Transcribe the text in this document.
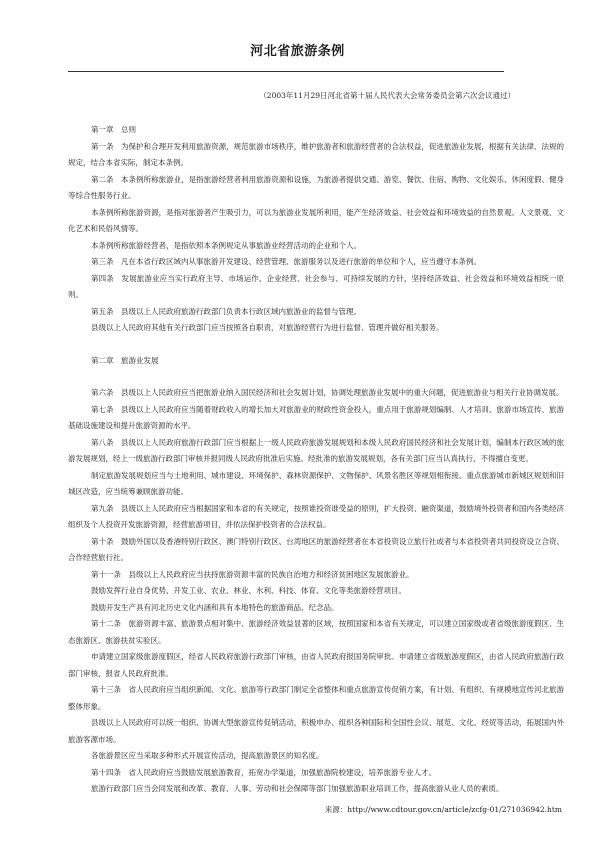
河北省旅游条例
（2003年11月29日河北省第十届人民代表大会常务委员会第六次会议通过）

第一章　总则

第一条　为保护和合理开发利用旅游资源，规范旅游市场秩序，维护旅游者和旅游经营者的合法权益，促进旅游业发展，根据有关法律、法规的规定，结合本省实际，制定本条例。

第二条　本条例所称旅游业，是指旅游经营者利用旅游资源和设施，为旅游者提供交通、游览、餐饮、住宿、购物、文化娱乐、休闲度假、健身等综合性服务行业。

本条例所称旅游资源，是指对旅游者产生吸引力，可以为旅游业发展所利用，能产生经济效益、社会效益和环境效益的自然景观、人文景观、文化艺术和民俗风情等。

本条例所称旅游经营者，是指依照本条例规定从事旅游业经营活动的企业和个人。

第三条　凡在本省行政区域内从事旅游开发建设、经营管理、旅游服务以及进行旅游的单位和个人，应当遵守本条例。

第四条　发展旅游业应当实行政府主导、市场运作、企业经营、社会参与、可持续发展的方针，坚持经济效益、社会效益和环境效益相统一原则。

第五条　县级以上人民政府旅游行政部门负责本行政区域内旅游业的监督与管理。

县级以上人民政府其他有关行政部门应当按照各自职责，对旅游经营行为进行监督、管理并做好相关服务。

第二章　旅游业发展

第六条　县级以上人民政府应当把旅游业纳入国民经济和社会发展计划，协调处理旅游业发展中的重大问题，促进旅游业与相关行业协调发展。

第七条　县级以上人民政府应当随着财政收入的增长加大对旅游业的财政性资金投入，重点用于旅游规划编制、人才培训、旅游市场宣传、旅游基础设施建设和提升旅游资源的水平。

第八条　县级以上人民政府旅游行政部门应当根据上一级人民政府旅游发展规划和本级人民政府国民经济和社会发展计划，编制本行政区域的旅游发展规划，经上一级旅游行政部门审核并报同级人民政府批准后实施。经批准的旅游发展规划，各有关部门应当认真执行，不得擅自变更。

制定旅游发展规划应当与土地利用、城市建设、环境保护、森林资源保护、文物保护、风景名胜区等规划相衔接。重点旅游城市新城区规划和旧城区改造，应当统筹兼顾旅游功能。

第九条　县级以上人民政府应当根据国家和本省的有关规定，按照谁投资谁受益的原则，扩大投资、融资渠道，鼓励境外投资者和国内各类经济组织及个人投资开发旅游资源，经营旅游项目，并依法保护投资者的合法权益。

第十条　鼓励外国以及香港特别行政区、澳门特别行政区、台湾地区的旅游经营者在本省投资设立旅行社或者与本省投资者共同投资设立合资、合作经营旅行社。

第十一条　县级以上人民政府应当扶持旅游资源丰富的民族自治地方和经济贫困地区发展旅游业。

鼓励发挥行业自身优势，开发工业、农业、林业、水利、科技、体育、文化等类旅游经营项目。

鼓励开发生产具有河北历史文化内涵和具有本地特色的旅游商品、纪念品。

第十二条　旅游资源丰富、旅游景点相对集中、旅游经济效益显著的区域，按照国家和本省有关规定，可以建立国家级或者省级旅游度假区、生态旅游区、旅游扶贫实验区。

申请建立国家级旅游度假区，经省人民政府旅游行政部门审核，由省人民政府报国务院审批。申请建立省级旅游度假区，由省人民政府旅游行政部门审核，报省人民政府批准。

第十三条　省人民政府应当组织新闻、文化、旅游等行政部门制定全省整体和重点旅游宣传促销方案，有计划、有组织、有规模地宣传河北旅游整体形象。

县级以上人民政府可以统一组织、协调大型旅游宣传促销活动，积极申办、组织各种国际和全国性会议、展览、文化、经贸等活动，拓展国内外旅游客源市场。

各旅游景区应当采取多种形式开展宣传活动，提高旅游景区的知名度。

第十四条　省人民政府应当鼓励发展旅游教育，拓宽办学渠道，加强旅游院校建设，培养旅游专业人才。

旅游行政部门应当会同发展和改革、教育、人事、劳动和社会保障等部门加强旅游职业培训工作，提高旅游从业人员的素质。

来源：http://www.cdtour.gov.cn/article/zcfg-01/271036942.htm
